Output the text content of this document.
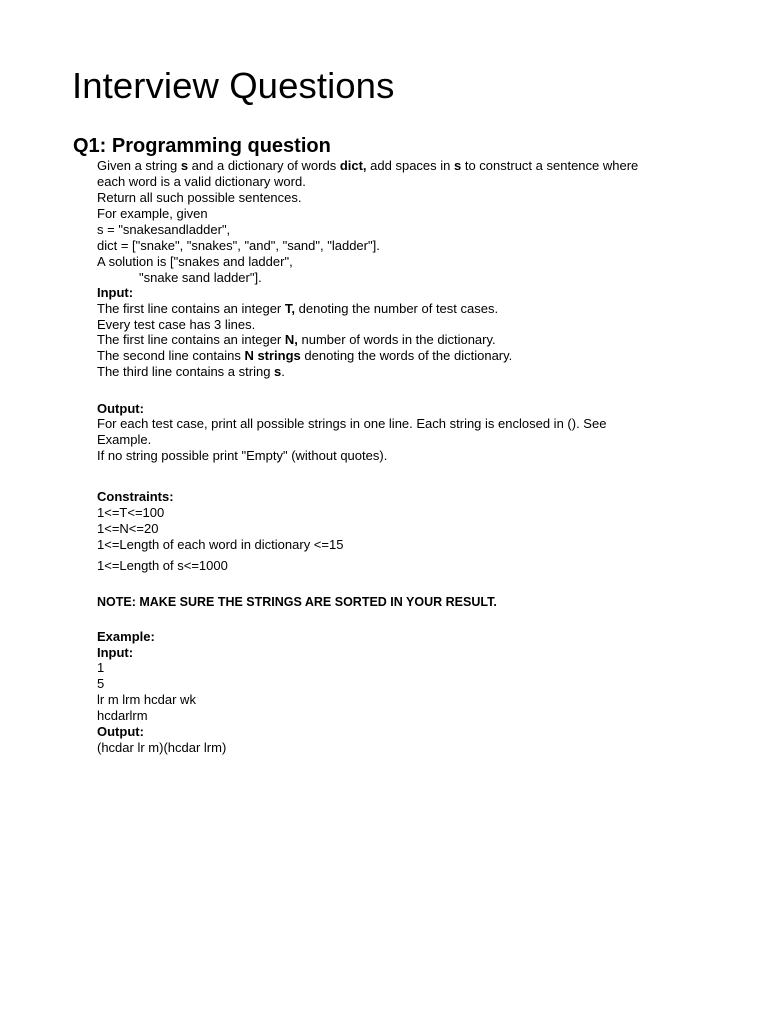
Interview Questions
Q1: Programming question
Given a string s and a dictionary of words dict, add spaces in s to construct a sentence where
each word is a valid dictionary word.
Return all such possible sentences.
For example, given
s = "snakesandladder",
dict = ["snake", "snakes", "and", "sand", "ladder"].
A solution is ["snakes and ladder",
"snake sand ladder"].
Input:
The first line contains an integer T, denoting the number of test cases.
Every test case has 3 lines.
The first line contains an integer N, number of words in the dictionary.
The second line contains N strings denoting the words of the dictionary.
The third line contains a string s.
Output:
For each test case, print all possible strings in one line. Each string is enclosed in (). See
Example.
If no string possible print "Empty" (without quotes).
Constraints:
1<=T<=100
1<=N<=20
1<=Length of each word in dictionary <=15
1<=Length of s<=1000
NOTE: MAKE SURE THE STRINGS ARE SORTED IN YOUR RESULT.
Example:
Input:
1
5
lr m lrm hcdar wk
hcdarlrm
Output:
(hcdar lr m)(hcdar lrm)
